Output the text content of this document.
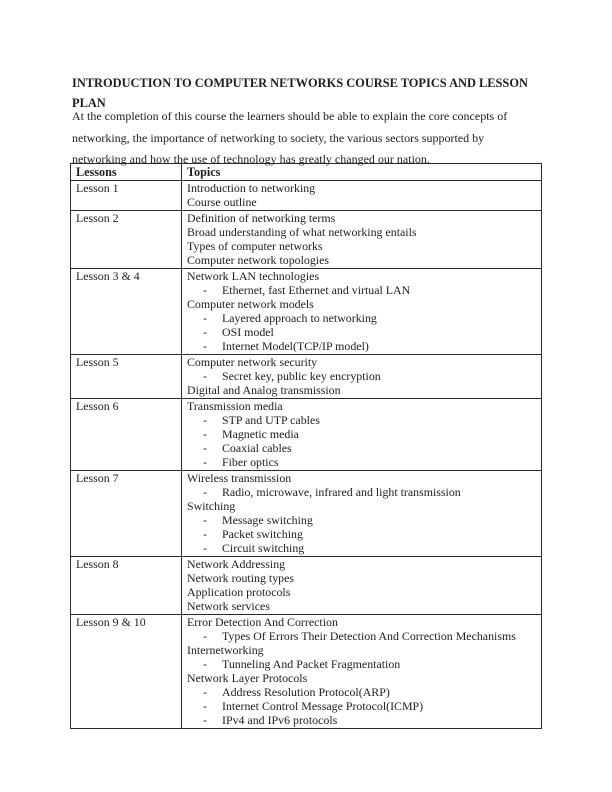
INTRODUCTION TO COMPUTER NETWORKS COURSE TOPICS AND LESSON
PLAN
At the completion of this course the learners should be able to explain the core concepts of
networking, the importance of networking to society, the various sectors supported by
networking and how the use of technology has greatly changed our nation.
Lessons	Topics
Lesson 1	Introduction to networking
Course outline

Lesson 2	Definition of networking terms
Broad understanding of what networking entails
Types of computer networks
Computer network topologies

Lesson 3 & 4	Network LAN technologies
- Ethernet, fast Ethernet and virtual LAN
Computer network models
- Layered approach to networking
- OSI model
- Internet Model(TCP/IP model)

Lesson 5	Computer network security
- Secret key, public key encryption
Digital and Analog transmission

Lesson 6	Transmission media
- STP and UTP cables
- Magnetic media
- Coaxial cables
- Fiber optics

Lesson 7	Wireless transmission
- Radio, microwave, infrared and light transmission
Switching
- Message switching
- Packet switching
- Circuit switching

Lesson 8	Network Addressing
Network routing types
Application protocols
Network services

Lesson 9 & 10	Error Detection And Correction
- Types Of Errors Their Detection And Correction Mechanisms
Internetworking
- Tunneling And Packet Fragmentation
Network Layer Protocols
- Address Resolution Protocol(ARP)
- Internet Control Message Protocol(ICMP)
- IPv4 and IPv6 protocols
